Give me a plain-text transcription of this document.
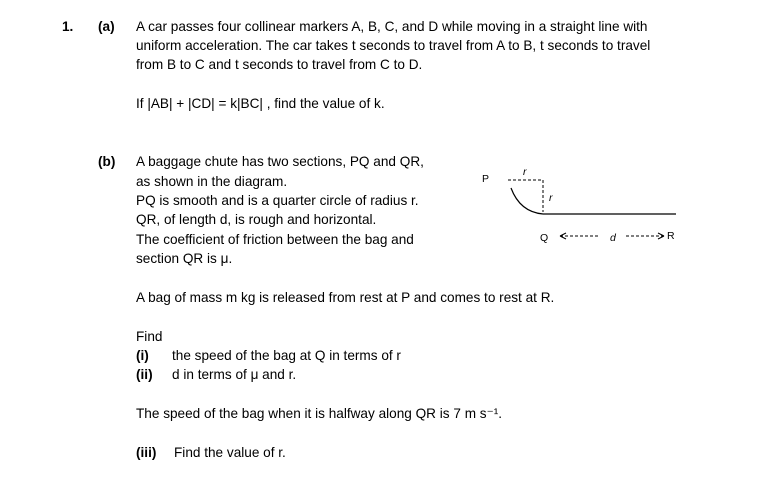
1. (a) A car passes four collinear markers A, B, C, and D while moving in a straight line with
uniform acceleration. The car takes t seconds to travel from A to B, t seconds to travel
from B to C and t seconds to travel from C to D.
If |AB| + |CD| = k|BC| , find the value of k.
(b) A baggage chute has two sections, PQ and QR,
as shown in the diagram.
PQ is smooth and is a quarter circle of radius r.
QR, of length d, is rough and horizontal.
The coefficient of friction between the bag and
section QR is μ.
P
r
r
Q	d	R
A bag of mass m kg is released from rest at P and comes to rest at R.
Find
(i) the speed of the bag at Q in terms of r
(ii) d in terms of μ and r.
The speed of the bag when it is halfway along QR is 7 m s⁻¹.
(iii) Find the value of r.
